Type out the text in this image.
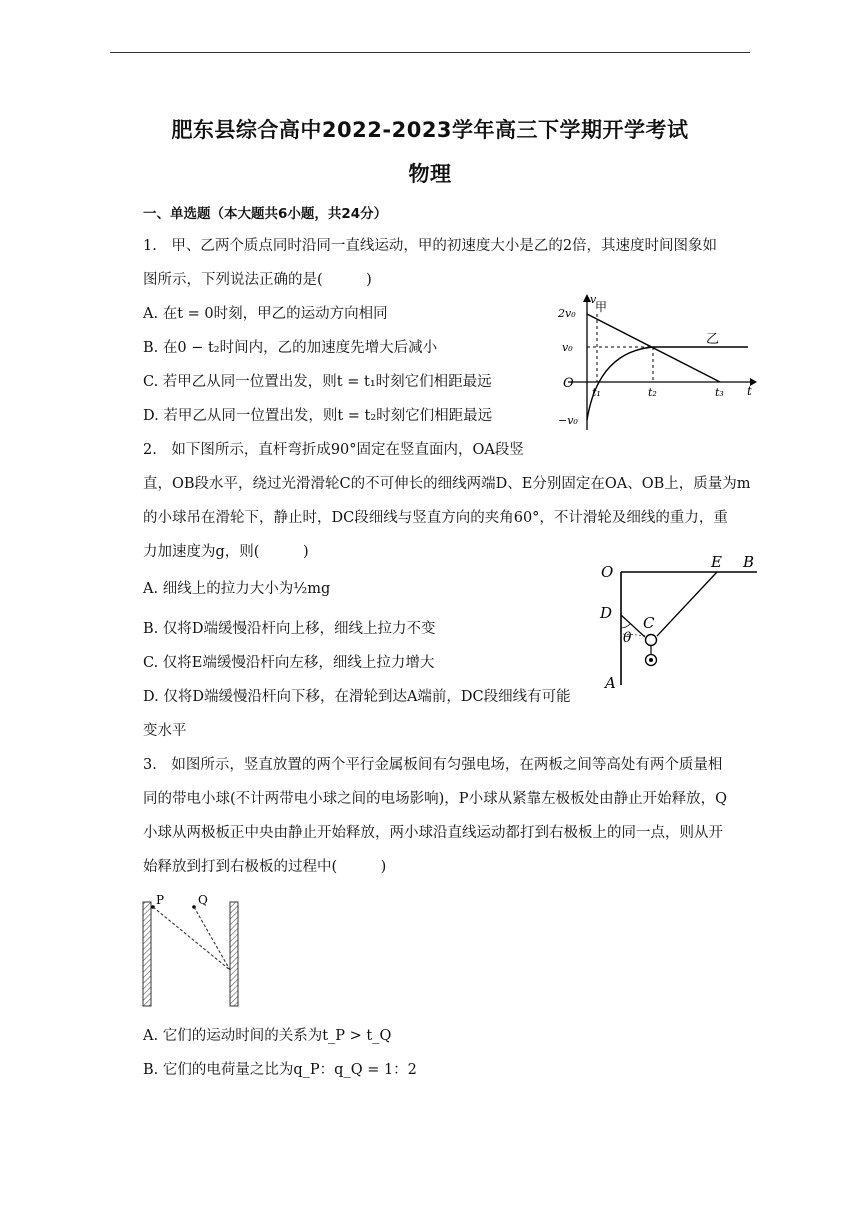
肥东县综合高中2022-2023学年高三下学期开学考试
物理
一、单选题（本大题共6小题，共24分）
1.　甲、乙两个质点同时沿同一直线运动，甲的初速度大小是乙的2倍，其速度时间图象如
图所示，下列说法正确的是(　　　)
A. 在t = 0时刻，甲乙的运动方向相同
B. 在0 − t₂时间内，乙的加速度先增大后减小
C. 若甲乙从同一位置出发，则t = t₁时刻它们相距最远
D. 若甲乙从同一位置出发，则t = t₂时刻它们相距最远
v
2v₀ 甲
v₀
乙
O
t₁	t₂	t₃ t
−v₀
2.　如下图所示，直杆弯折成90°固定在竖直面内，OA段竖
直，OB段水平，绕过光滑滑轮C的不可伸长的细线两端D、E分别固定在OA、OB上，质量为m
的小球吊在滑轮下，静止时，DC段细线与竖直方向的夹角60°，不计滑轮及细线的重力，重
力加速度为g，则(　　　)
A. 细线上的拉力大小为½mg
B. 仅将D端缓慢沿杆向上移，细线上拉力不变
C. 仅将E端缓慢沿杆向左移，细线上拉力增大
D. 仅将D端缓慢沿杆向下移，在滑轮到达A端前，DC段细线有可能
变水平
O
E B
D
C
θ
A
3.　如图所示，竖直放置的两个平行金属板间有匀强电场，在两板之间等高处有两个质量相
同的带电小球(不计两带电小球之间的电场影响)，P小球从紧靠左极板处由静止开始释放，Q
小球从两极板正中央由静止开始释放，两小球沿直线运动都打到右极板上的同一点，则从开
始释放到打到右极板的过程中(　　　)
P	Q
A. 它们的运动时间的关系为t_P > t_Q
B. 它们的电荷量之比为q_P：q_Q = 1：2
